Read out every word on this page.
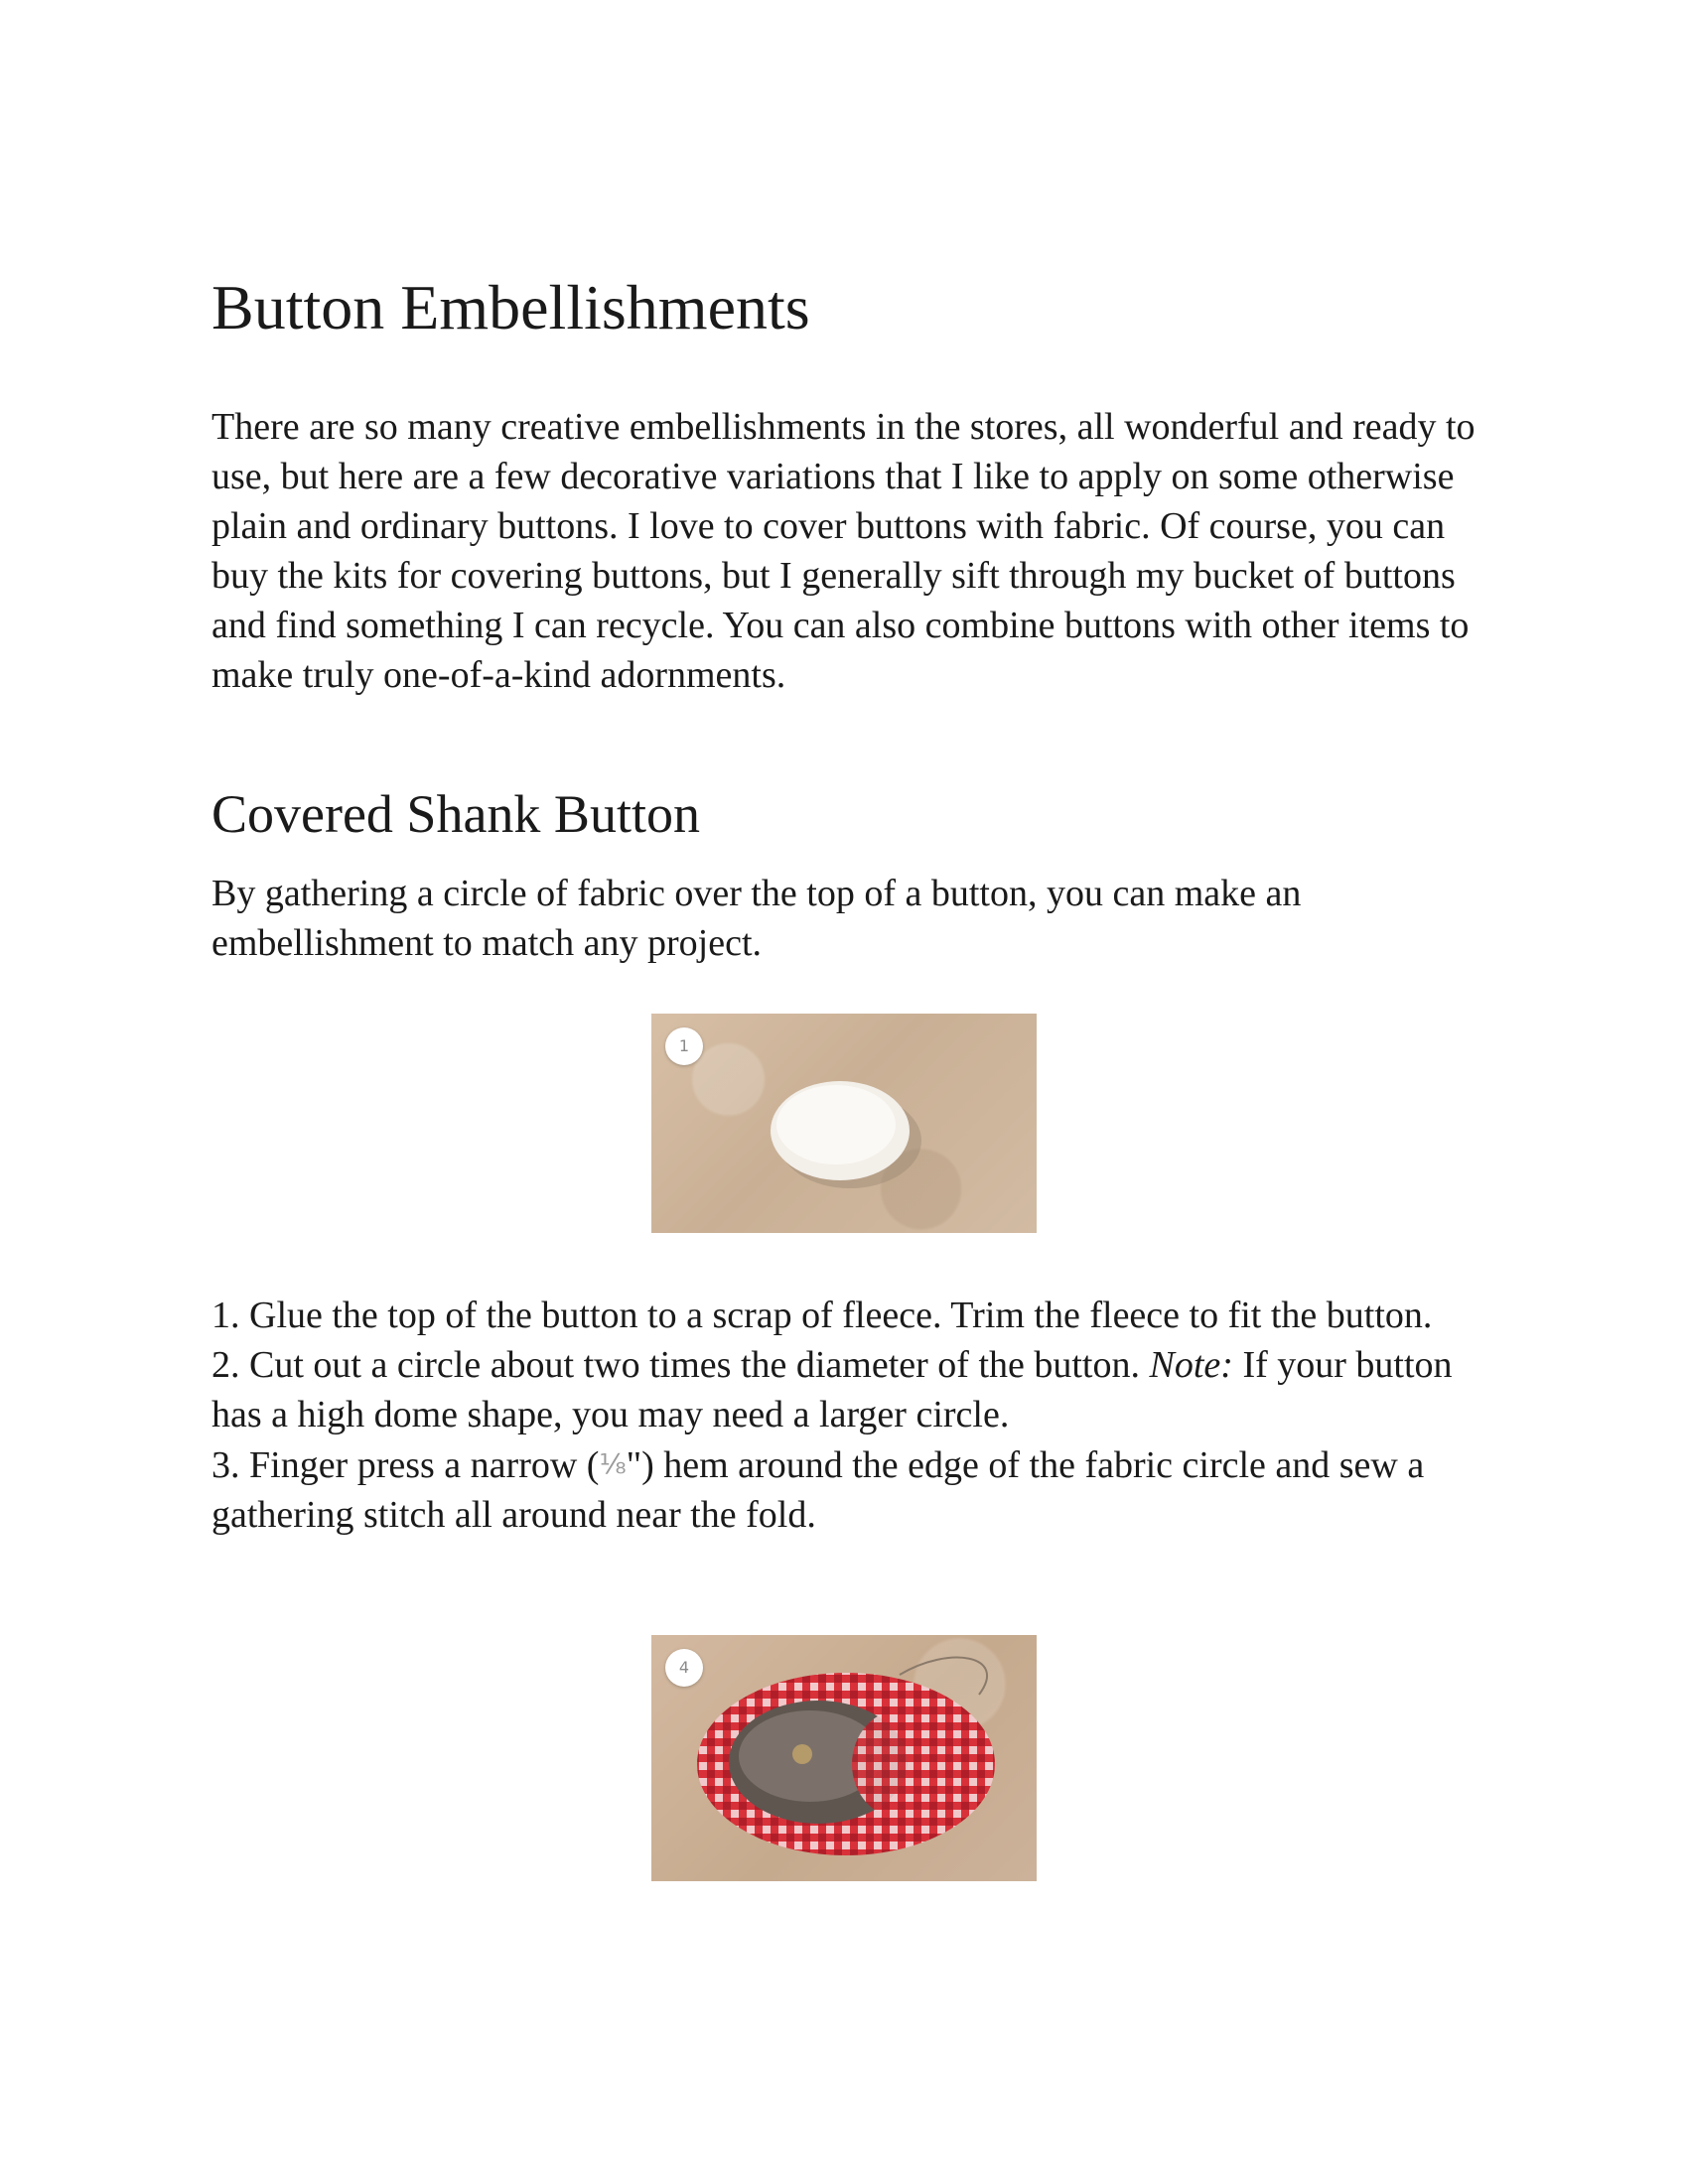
Button Embellishments

There are so many creative embellishments in the stores, all wonderful and ready to use, but here are a few decorative variations that I like to apply on some otherwise plain and ordinary buttons. I love to cover buttons with fabric. Of course, you can buy the kits for covering buttons, but I generally sift through my bucket of buttons and find something I can recycle. You can also combine buttons with other items to make truly one-of-a-kind adornments.

Covered Shank Button

By gathering a circle of fabric over the top of a button, you can make an embellishment to match any project.

1. Glue the top of the button to a scrap of fleece. Trim the fleece to fit the button.

2. Cut out a circle about two times the diameter of the button. Note: If your button has a high dome shape, you may need a larger circle.

3. Finger press a narrow (⅛") hem around the edge of the fabric circle and sew a gathering stitch all around near the fold.

1
4
